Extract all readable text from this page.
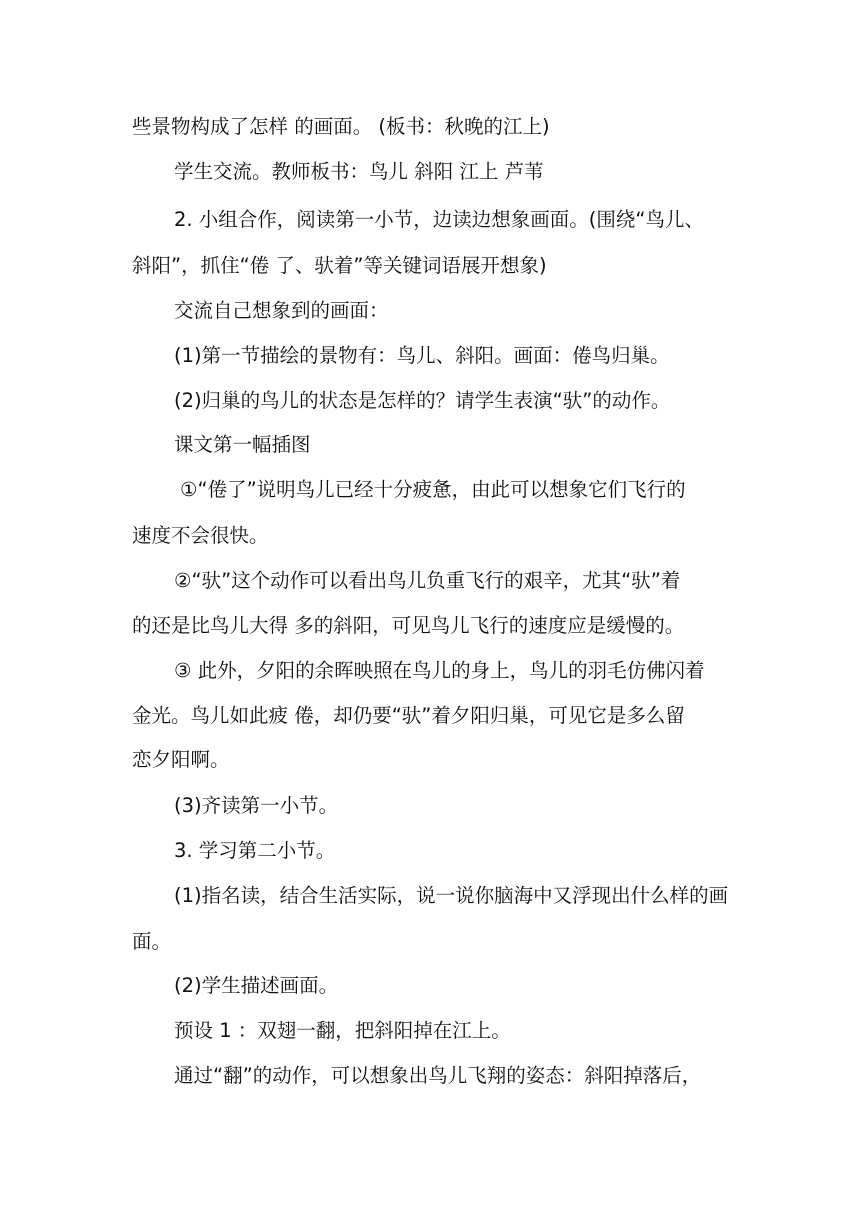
些景物构成了怎样 的画面。 (板书：秋晚的江上)
学生交流。教师板书：鸟儿 斜阳 江上 芦苇
2. 小组合作，阅读第一小节，边读边想象画面。(围绕“鸟儿、
斜阳”，抓住“倦 了、驮着”等关键词语展开想象)
交流自己想象到的画面：
(1)第一节描绘的景物有：鸟儿、斜阳。画面：倦鸟归巢。
(2)归巢的鸟儿的状态是怎样的？请学生表演“驮”的动作。
课文第一幅插图
①“倦了”说明鸟儿已经十分疲惫，由此可以想象它们飞行的
速度不会很快。
②“驮”这个动作可以看出鸟儿负重飞行的艰辛，尤其“驮”着
的还是比鸟儿大得 多的斜阳，可见鸟儿飞行的速度应是缓慢的。
③ 此外，夕阳的余晖映照在鸟儿的身上，鸟儿的羽毛仿佛闪着
金光。鸟儿如此疲 倦，却仍要“驮”着夕阳归巢，可见它是多么留
恋夕阳啊。
(3)齐读第一小节。
3. 学习第二小节。
(1)指名读，结合生活实际，说一说你脑海中又浮现出什么样的画
面。
(2)学生描述画面。
预设 1 ：双翅一翻，把斜阳掉在江上。
通过“翻”的动作，可以想象出鸟儿飞翔的姿态：斜阳掉落后，
